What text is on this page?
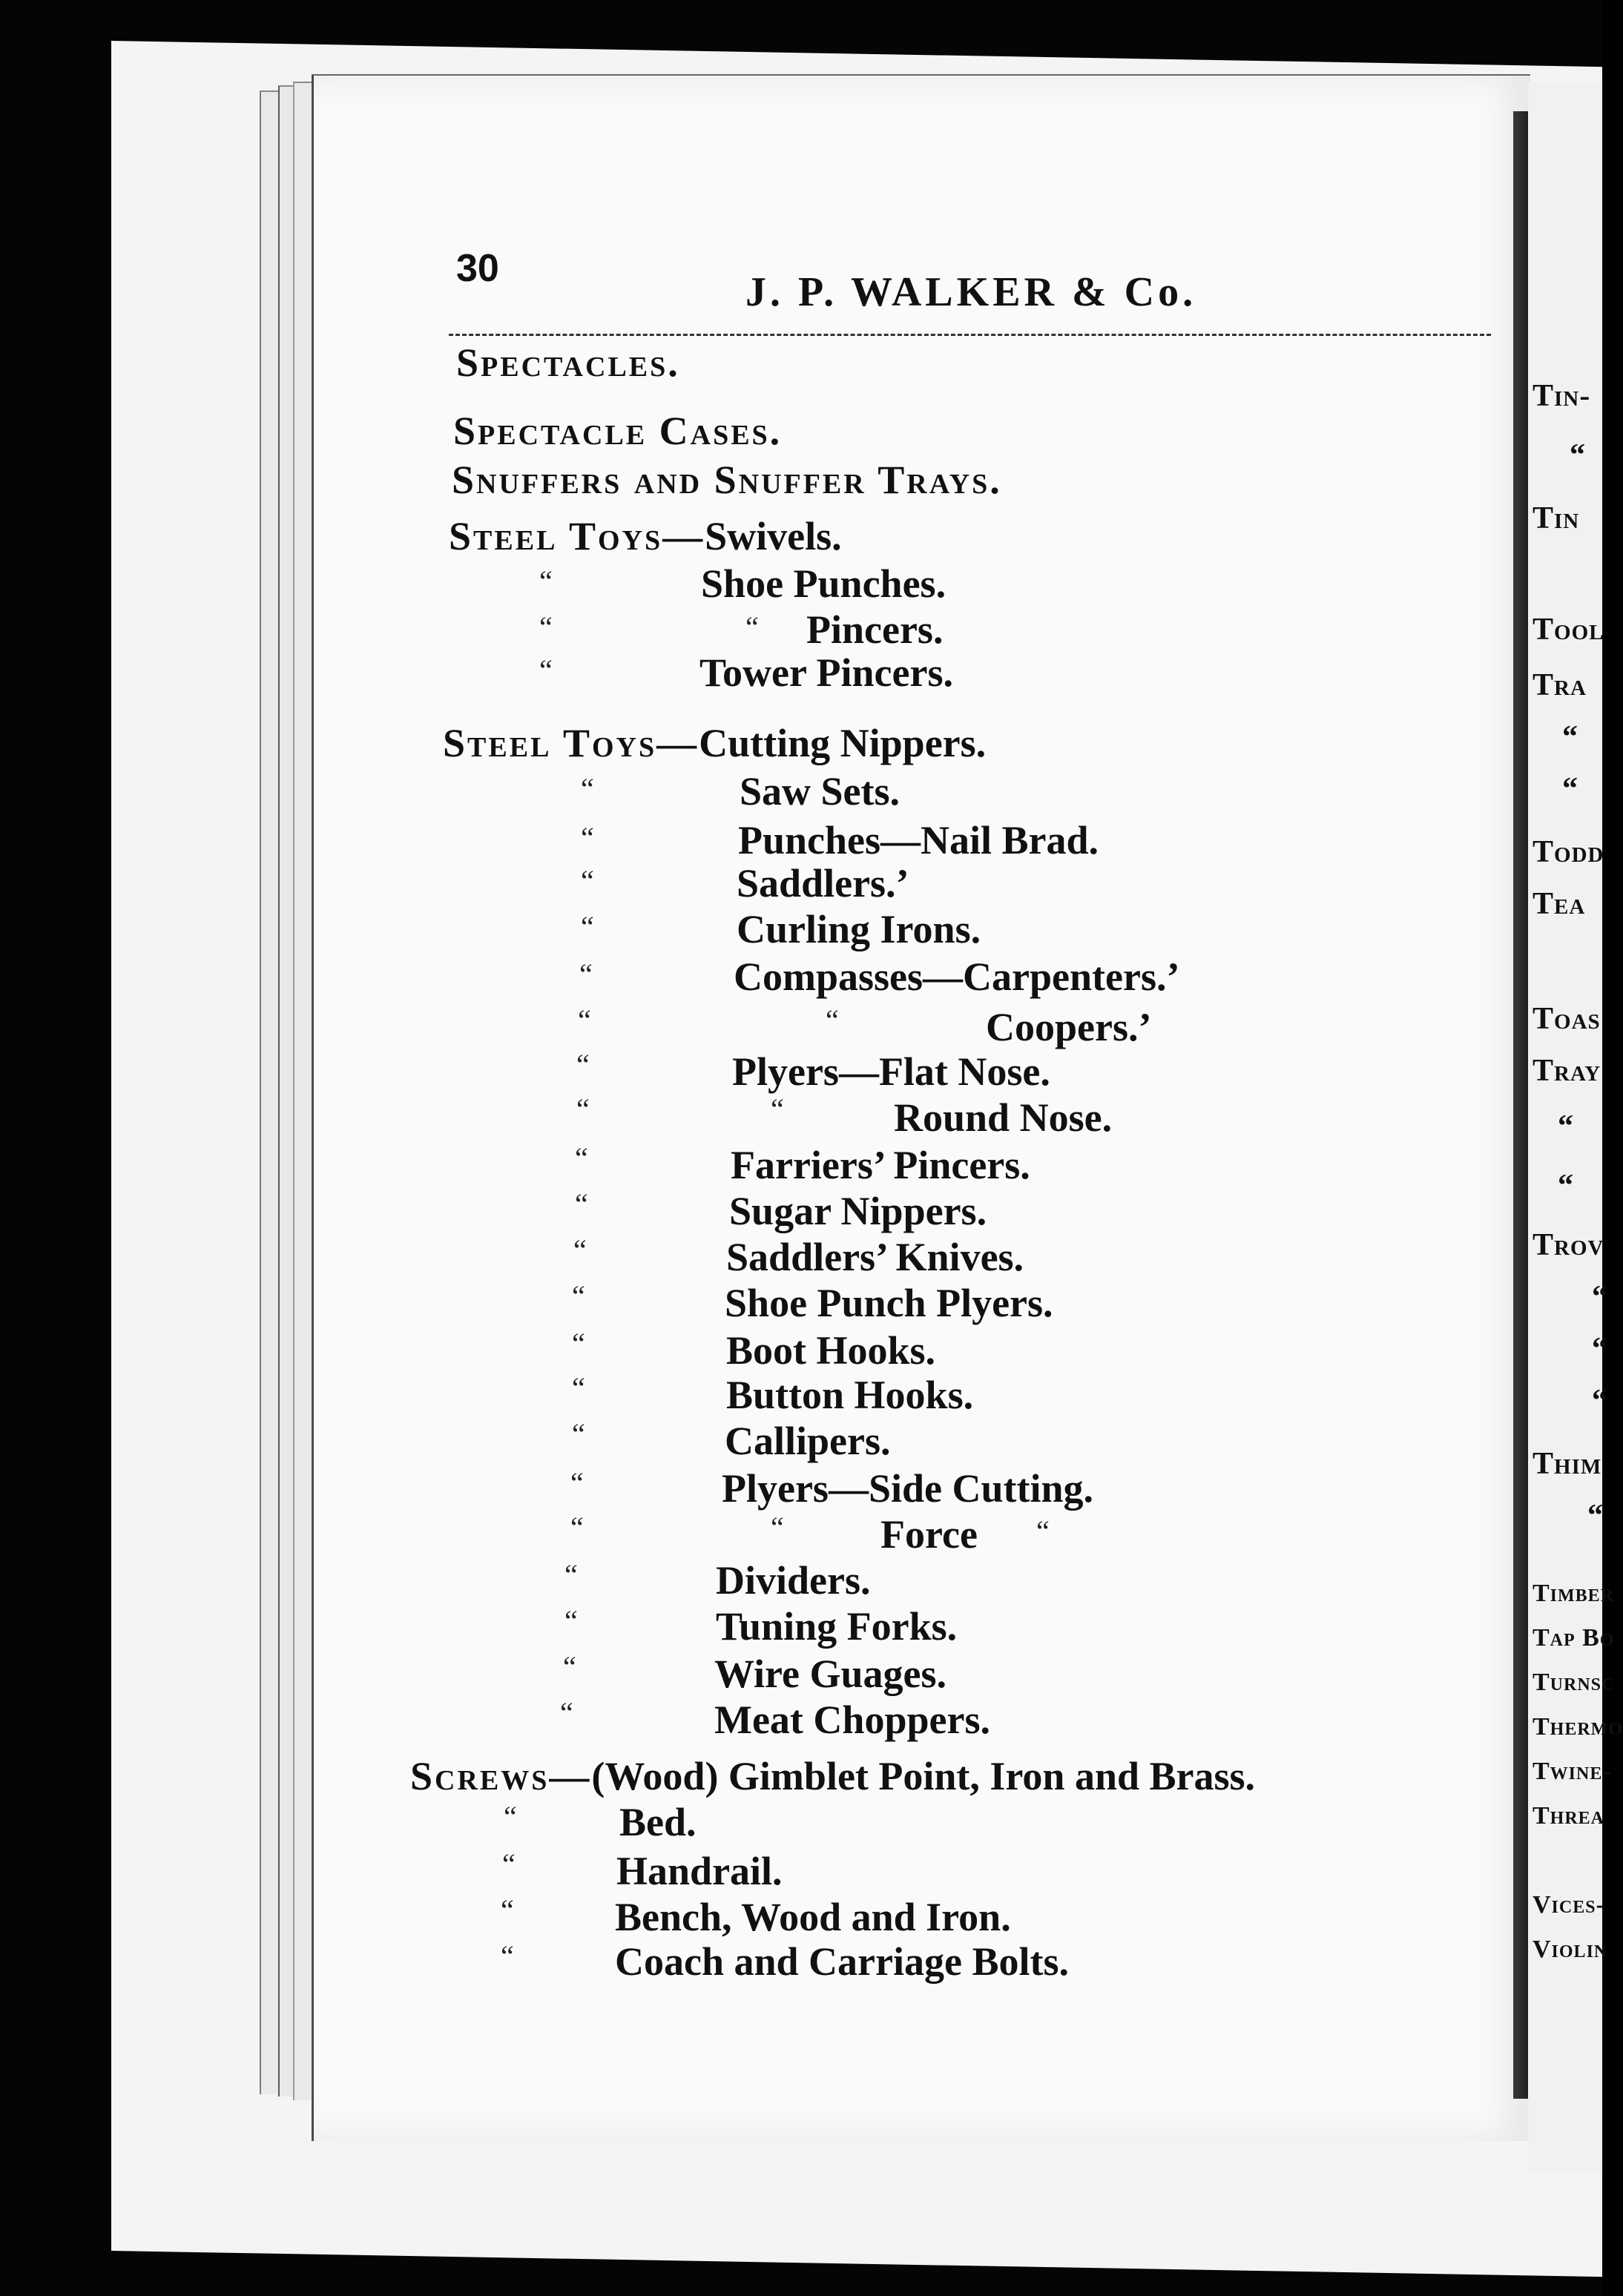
30
J. P. WALKER & Co.
Spectacles.
Spectacle Cases.
Snuffers and Snuffer Trays.
Steel Toys—Swivels.
“	Shoe Punches.
“	“ Pincers.
“	Tower Pincers.
Steel Toys—Cutting Nippers.
“	Saw Sets.
“	Punches—Nail Brad.
“	Saddlers.’
“	Curling Irons.
“	Compasses—Carpenters.’
“	“	Coopers.’
“	Plyers—Flat Nose.
“	“	Round Nose.
“	Farriers’ Pincers.
“	Sugar Nippers.
“	Saddlers’ Knives.
“	Shoe Punch Plyers.
“	Boot Hooks.
“	Button Hooks.
“	Callipers.
“	Plyers—Side Cutting.
“	“ Force “
“	Dividers.
“	Tuning Forks.
“	Wire Guages.
“	Meat Choppers.
Screws—(Wood) Gimblet Point, Iron and Brass.
“	Bed.
“	Handrail.
“	Bench, Wood and Iron.
“	Coach and Carriage Bolts.
Tin-
“
Tin
Tool
Tra
“
“
Todd
Tea
Toas
Tray
“
“
Trov
“
“
“
Thim
“
Timber
Tap Bo
Turnsc
Thermo
Twine-
Threa
Vices-
Violin
